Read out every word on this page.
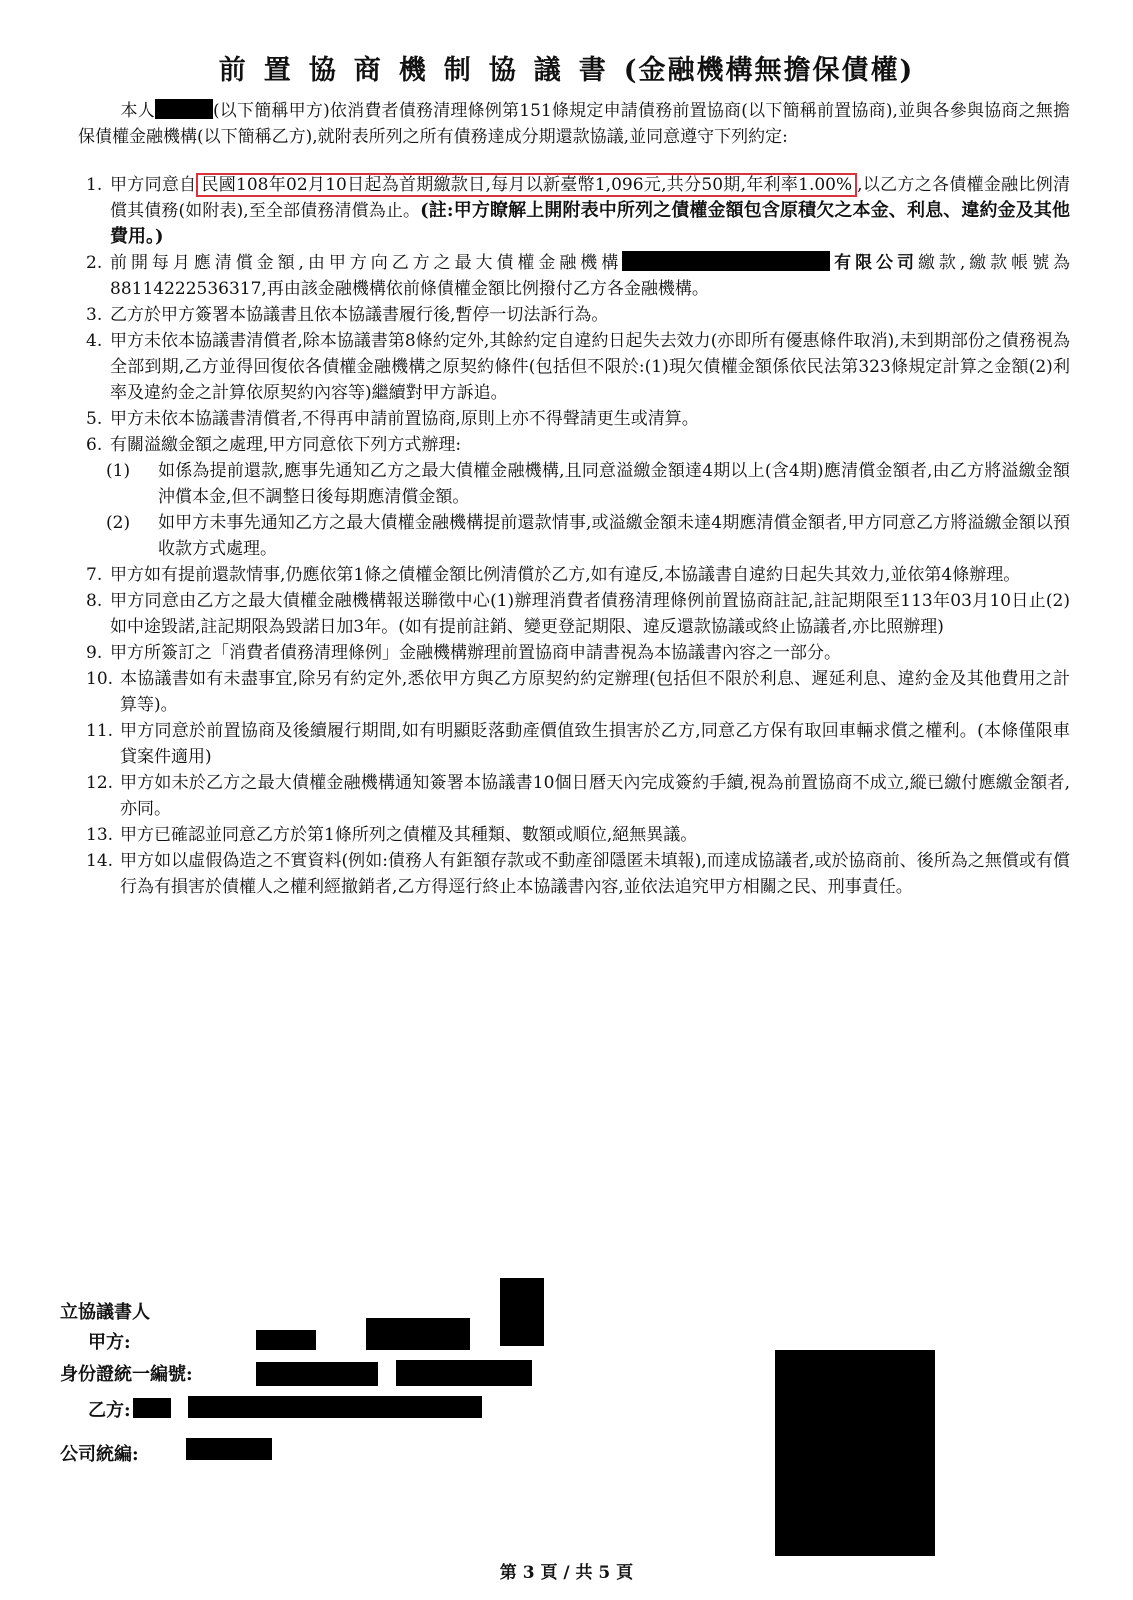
前置協商機制協議書(金融機構無擔保債權)

本人	(以下簡稱甲方)依消費者債務清理條例第151條規定申請債務前置協商(以下簡稱前置協商),並與各參與協商之無擔保債權金融機構(以下簡稱乙方),就附表所列之所有債務達成分期還款協議,並同意遵守下列約定:

1. 甲方同意自 民國108年02月10日起為首期繳款日,每月以新臺幣1,096元,共分50期,年利率1.00% ,以乙方之各債權金融比例清償其債務(如附表),至全部債務清償為止。(註:甲方瞭解上開附表中所列之債權金額包含原積欠之本金、利息、違約金及其他費用。)
2. 前開每月應清償金額,由甲方向乙方之最大債權金融機構	有限公司繳款,繳款帳號為88114222536317,再由該金融機構依前條債權金額比例撥付乙方各金融機構。
3. 乙方於甲方簽署本協議書且依本協議書履行後,暫停一切法訴行為。
4. 甲方未依本協議書清償者,除本協議書第8條約定外,其餘約定自違約日起失去效力(亦即所有優惠條件取消),未到期部份之債務視為全部到期,乙方並得回復依各債權金融機構之原契約條件(包括但不限於:(1)現欠債權金額係依民法第323條規定計算之金額(2)利率及違約金之計算依原契約內容等)繼續對甲方訴追。
5. 甲方未依本協議書清償者,不得再申請前置協商,原則上亦不得聲請更生或清算。
6. 有關溢繳金額之處理,甲方同意依下列方式辦理:
(1)	如係為提前還款,應事先通知乙方之最大債權金融機構,且同意溢繳金額達4期以上(含4期)應清償金額者,由乙方將溢繳金額沖償本金,但不調整日後每期應清償金額。
(2)	如甲方未事先通知乙方之最大債權金融機構提前還款情事,或溢繳金額未達4期應清償金額者,甲方同意乙方將溢繳金額以預收款方式處理。
7. 甲方如有提前還款情事,仍應依第1條之債權金額比例清償於乙方,如有違反,本協議書自違約日起失其效力,並依第4條辦理。
8. 甲方同意由乙方之最大債權金融機構報送聯徵中心(1)辦理消費者債務清理條例前置協商註記,註記期限至113年03月10日止(2)如中途毀諾,註記期限為毀諾日加3年。(如有提前註銷、變更登記期限、違反還款協議或終止協議者,亦比照辦理)
9. 甲方所簽訂之「消費者債務清理條例」金融機構辦理前置協商申請書視為本協議書內容之一部分。
10. 本協議書如有未盡事宜,除另有約定外,悉依甲方與乙方原契約約定辦理(包括但不限於利息、遲延利息、違約金及其他費用之計算等)。
11. 甲方同意於前置協商及後續履行期間,如有明顯貶落動產價值致生損害於乙方,同意乙方保有取回車輛求償之權利。(本條僅限車貸案件適用)
12. 甲方如未於乙方之最大債權金融機構通知簽署本協議書10個日曆天內完成簽約手續,視為前置協商不成立,縱已繳付應繳金額者,亦同。
13. 甲方已確認並同意乙方於第1條所列之債權及其種類、數額或順位,絕無異議。
14. 甲方如以虛假偽造之不實資料(例如:債務人有鉅額存款或不動產卻隱匿未填報),而達成協議者,或於協商前、後所為之無償或有償行為有損害於債權人之權利經撤銷者,乙方得逕行終止本協議書內容,並依法追究甲方相關之民、刑事責任。
立協議書人
甲方:
身份證統一編號:
乙方:
公司統編:
第 3 頁 / 共 5 頁
